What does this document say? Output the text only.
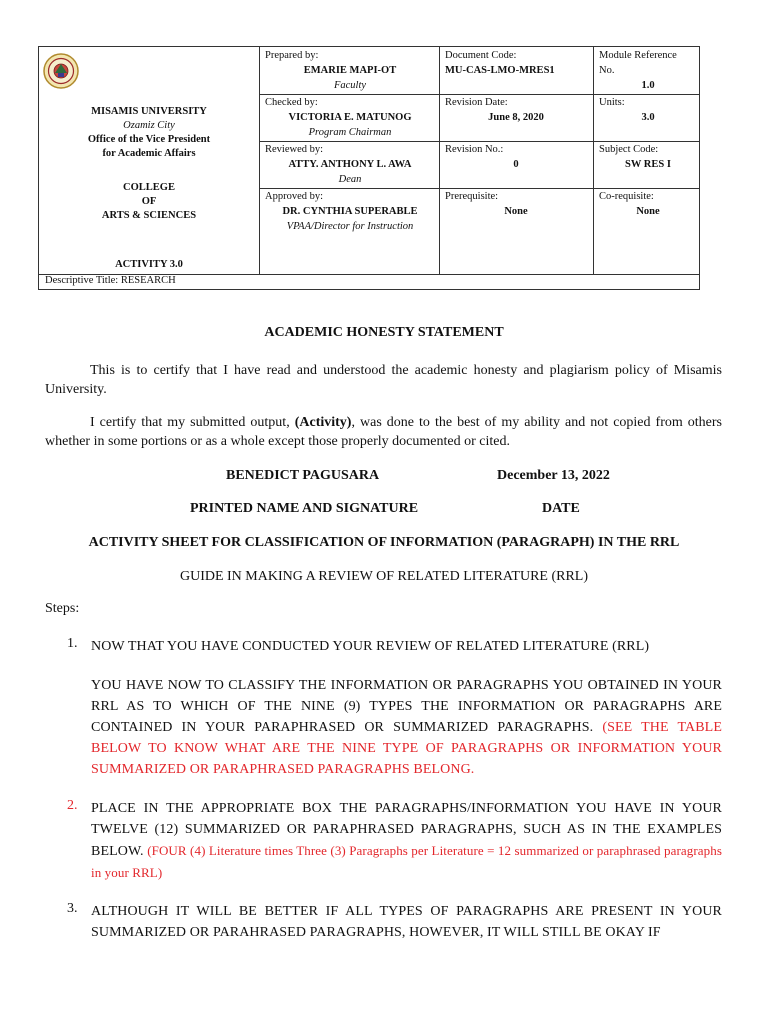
MISAMIS UNIVERSITY
Ozamiz City
Office of the Vice President
for Academic Affairs
COLLEGE
OF
ARTS & SCIENCES
ACTIVITY 3.0
Prepared by:
EMARIE MAPI-OT
Faculty
Checked by:
VICTORIA E. MATUNOG
Program Chairman
Reviewed by:
ATTY. ANTHONY L. AWA
Dean
Approved by:
DR. CYNTHIA SUPERABLE
VPAA/Director for Instruction
Document Code:
MU-CAS-LMO-MRES1
Revision Date:
June 8, 2020
Revision No.:
0
Prerequisite:
None
Module Reference
No.
1.0
Units:
3.0
Subject Code:
SW RES I
Co-requisite:
None
Descriptive Title: RESEARCH
ACADEMIC HONESTY STATEMENT
This is to certify that I have read and understood the academic honesty and plagiarism policy of Misamis University.
I certify that my submitted output, (Activity), was done to the best of my ability and not copied from others whether in some portions or as a whole except those properly documented or cited.
BENEDICT PAGUSARA	December 13, 2022
PRINTED NAME AND SIGNATURE	DATE
ACTIVITY SHEET FOR CLASSIFICATION OF INFORMATION (PARAGRAPH) IN THE RRL
GUIDE IN MAKING A REVIEW OF RELATED LITERATURE (RRL)
Steps:
1. NOW THAT YOU HAVE CONDUCTED YOUR REVIEW OF RELATED LITERATURE (RRL)
YOU HAVE NOW TO CLASSIFY THE INFORMATION OR PARAGRAPHS YOU OBTAINED IN YOUR RRL AS TO WHICH OF THE NINE (9) TYPES THE INFORMATION OR PARAGRAPHS ARE CONTAINED IN YOUR PARAPHRASED OR SUMMARIZED PARAGRAPHS. (SEE THE TABLE BELOW TO KNOW WHAT ARE THE NINE TYPE OF PARAGRAPHS OR INFORMATION YOUR SUMMARIZED OR PARAPHRASED PARAGRAPHS BELONG.
2. PLACE IN THE APPROPRIATE BOX THE PARAGRAPHS/INFORMATION YOU HAVE IN YOUR TWELVE (12) SUMMARIZED OR PARAPHRASED PARAGRAPHS, SUCH AS IN THE EXAMPLES BELOW. (FOUR (4) Literature times Three (3) Paragraphs per Literature = 12 summarized or paraphrased paragraphs in your RRL)
3. ALTHOUGH IT WILL BE BETTER IF ALL TYPES OF PARAGRAPHS ARE PRESENT IN YOUR SUMMARIZED OR PARAHRASED PARAGRAPHS, HOWEVER, IT WILL STILL BE OKAY IF
